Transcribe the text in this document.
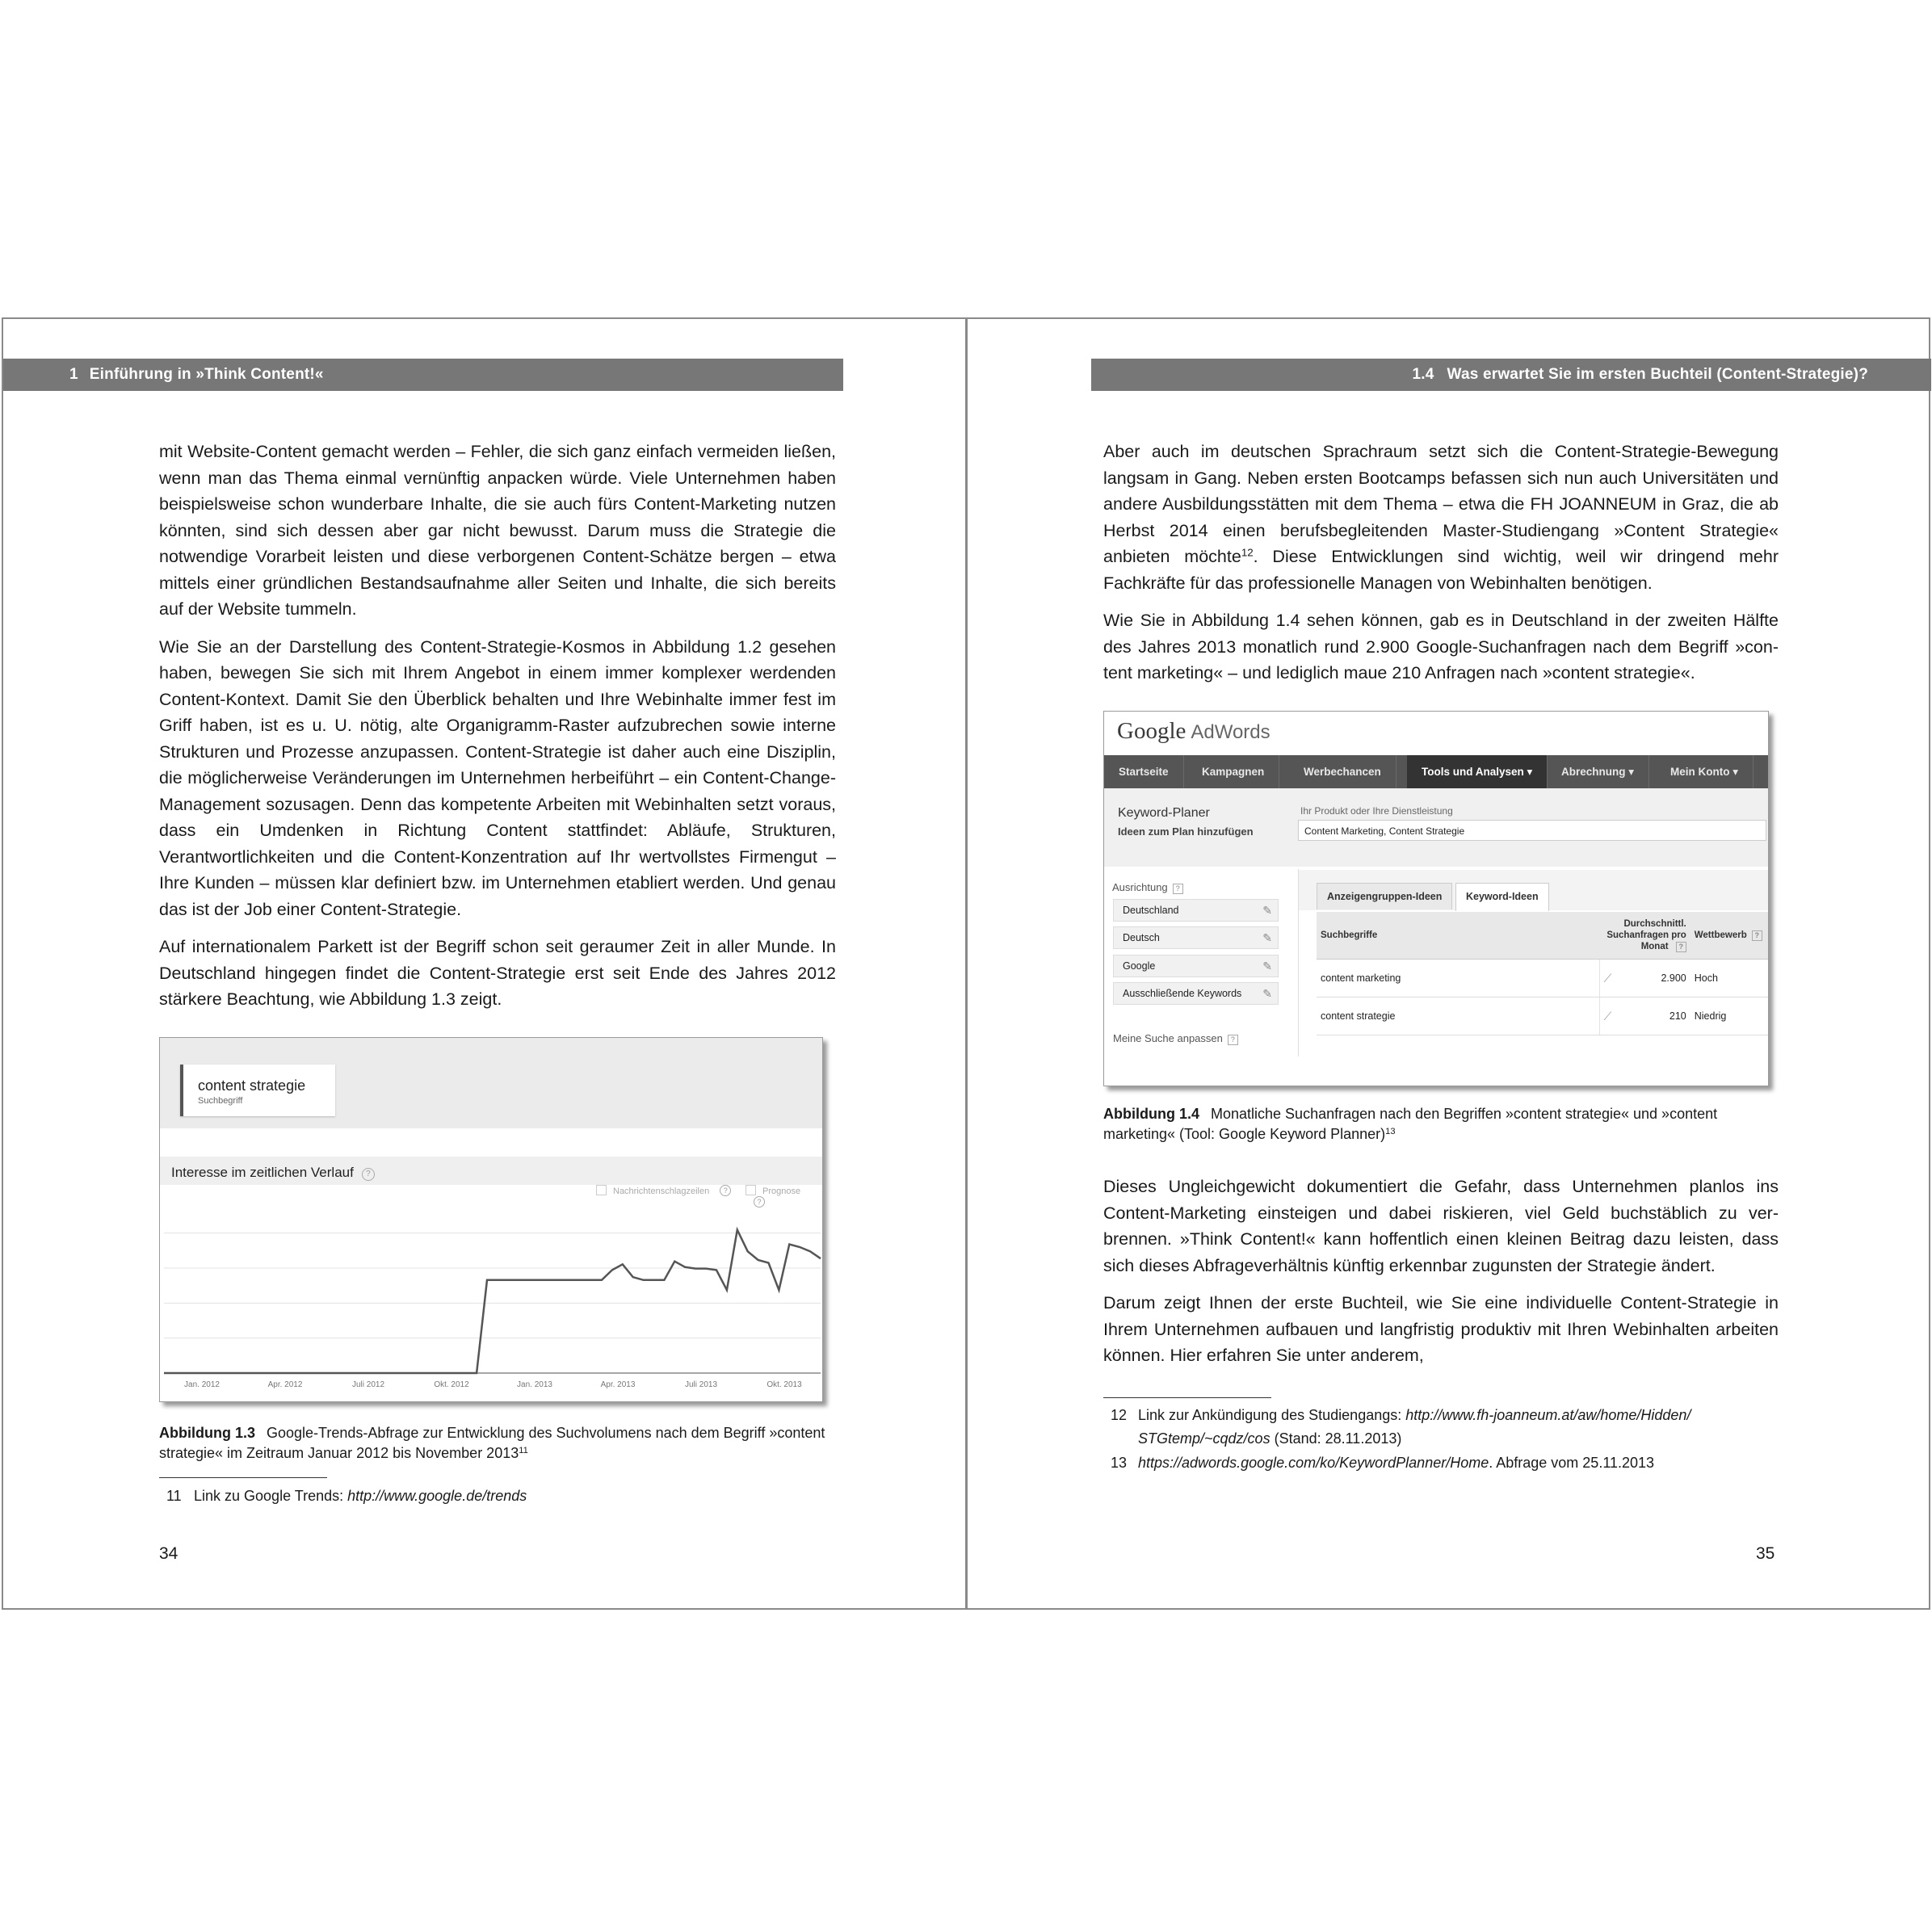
1 Einführung in »Think Content!«

mit Website-Content gemacht werden – Fehler, die sich ganz einfach vermeiden ließen, wenn man das Thema einmal vernünftig anpacken würde. Viele Unternehmen haben beispielsweise schon wunderbare Inhalte, die sie auch fürs Content-Marketing nutzen könnten, sind sich dessen aber gar nicht bewusst. Darum muss die Strategie die notwendige Vorarbeit leisten und diese verborgenen Content-Schätze bergen – etwa mittels einer gründlichen Bestandsaufnahme aller Seiten und Inhalte, die sich bereits auf der Website tummeln.

Wie Sie an der Darstellung des Content-Strategie-Kosmos in Abbildung 1.2 gesehen haben, bewegen Sie sich mit Ihrem Angebot in einem immer komplexer werdenden Content-Kontext. Damit Sie den Überblick behalten und Ihre Webinhalte immer fest im Griff haben, ist es u. U. nötig, alte Organigramm-Raster aufzubrechen sowie interne Strukturen und Prozesse anzupassen. Content-Strategie ist daher auch eine Disziplin, die möglicherweise Veränderungen im Unternehmen herbeiführt – ein Content-Change-Management sozusagen. Denn das kompetente Arbeiten mit Webinhalten setzt voraus, dass ein Umdenken in Richtung Content stattfindet: Abläufe, Strukturen, Verantwortlichkeiten und die Content-Konzentration auf Ihr wertvollstes Firmengut – Ihre Kunden – müssen klar definiert bzw. im Unternehmen etabliert werden. Und genau das ist der Job einer Content-Strategie.

Auf internationalem Parkett ist der Begriff schon seit geraumer Zeit in aller Munde. In Deutschland hingegen findet die Content-Strategie erst seit Ende des Jahres 2012 stärkere Beachtung, wie Abbildung 1.3 zeigt.

content strategie
Suchbegriff
Interesse im zeitlichen Verlauf ?
Nachrichtenschlagzeilen ?	Prognose ?
Jan. 2012	Apr. 2012	Juli 2012	Okt. 2012	Jan. 2013	Apr. 2013	Juli 2013	Okt. 2013
Abbildung 1.3 Google-Trends-Abfrage zur Entwicklung des Suchvolumens nach dem Begriff »content strategie« im Zeitraum Januar 2012 bis November 2013$^{11}$
11 Link zu Google Trends: http://www.google.de/trends
34
1.4 Was erwartet Sie im ersten Buchteil (Content-Strategie)?

Aber auch im deutschen Sprachraum setzt sich die Content-Strategie-Bewegung langsam in Gang. Neben ersten Bootcamps befassen sich nun auch Universitäten und andere Ausbildungsstätten mit dem Thema – etwa die FH JOANNEUM in Graz, die ab Herbst 2014 einen berufsbegleitenden Master-Studiengang »Content Strategie« anbieten möchte$^{12}$. Diese Entwicklungen sind wichtig, weil wir dringend mehr Fachkräfte für das professionelle Managen von Webinhalten benötigen.

Wie Sie in Abbildung 1.4 sehen können, gab es in Deutschland in der zweiten Hälfte des Jahres 2013 monatlich rund 2.900 Google-Suchanfragen nach dem Begriff »content marketing« – und lediglich maue 210 Anfragen nach »content strategie«.

Google AdWords
Startseite	Kampagnen	Werbechancen	Tools und Analysen ▾	Abrechnung ▾	Mein Konto ▾
Keyword-Planer
Ideen zum Plan hinzufügen
Ihr Produkt oder Ihre Dienstleistung
Content Marketing, Content Strategie
Ausrichtung ?
Deutschland	✎
Deutsch	✎
Google	✎
Ausschließende Keywords ✎
Meine Suche anpassen ?
Anzeigengruppen-Ideen	Keyword-Ideen
Suchbegriffe	Durchschnittl. Suchanfragen pro Monat ?		Wettbewerb ?
content marketing	⟋	2.900	Hoch
content strategie	⟋	210	Niedrig
Abbildung 1.4 Monatliche Suchanfragen nach den Begriffen »content strategie« und »content marketing« (Tool: Google Keyword Planner)$^{13}$

Dieses Ungleichgewicht dokumentiert die Gefahr, dass Unternehmen planlos ins Content-Marketing einsteigen und dabei riskieren, viel Geld buchstäblich zu verbrennen. »Think Content!« kann hoffentlich einen kleinen Beitrag dazu leisten, dass sich dieses Abfrageverhältnis künftig erkennbar zugunsten der Strategie ändert.

Darum zeigt Ihnen der erste Buchteil, wie Sie eine individuelle Content-Strategie in Ihrem Unternehmen aufbauen und langfristig produktiv mit Ihren Webinhalten arbeiten können. Hier erfahren Sie unter anderem,

12 Link zur Ankündigung des Studiengangs: http://www.fh-joanneum.at/aw/home/Hidden/
STGtemp/~cqdz/cos (Stand: 28.11.2013)
13 https://adwords.google.com/ko/KeywordPlanner/Home. Abfrage vom 25.11.2013
35
